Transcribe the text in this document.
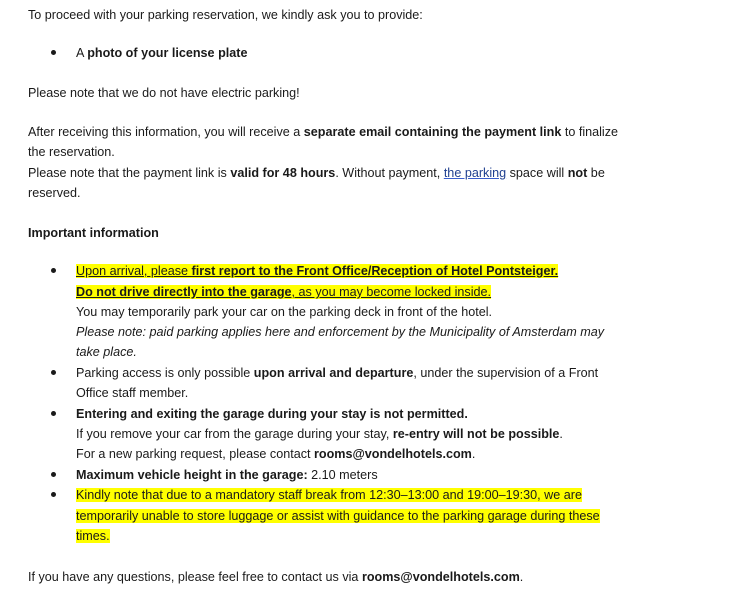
To proceed with your parking reservation, we kindly ask you to provide:
A photo of your license plate
Please note that we do not have electric parking!
After receiving this information, you will receive a separate email containing the payment link to finalize
the reservation.
Please note that the payment link is valid for 48 hours. Without payment, the parking space will not be
reserved.
Important information
Upon arrival, please first report to the Front Office/Reception of Hotel Pontsteiger.
Do not drive directly into the garage, as you may become locked inside.
You may temporarily park your car on the parking deck in front of the hotel.
Please note: paid parking applies here and enforcement by the Municipality of Amsterdam may
take place.
Parking access is only possible upon arrival and departure, under the supervision of a Front
Office staff member.
Entering and exiting the garage during your stay is not permitted.
If you remove your car from the garage during your stay, re-entry will not be possible.
For a new parking request, please contact rooms@vondelhotels.com.
Maximum vehicle height in the garage: 2.10 meters
Kindly note that due to a mandatory staff break from 12:30–13:00 and 19:00–19:30, we are
temporarily unable to store luggage or assist with guidance to the parking garage during these
times.
If you have any questions, please feel free to contact us via rooms@vondelhotels.com.
